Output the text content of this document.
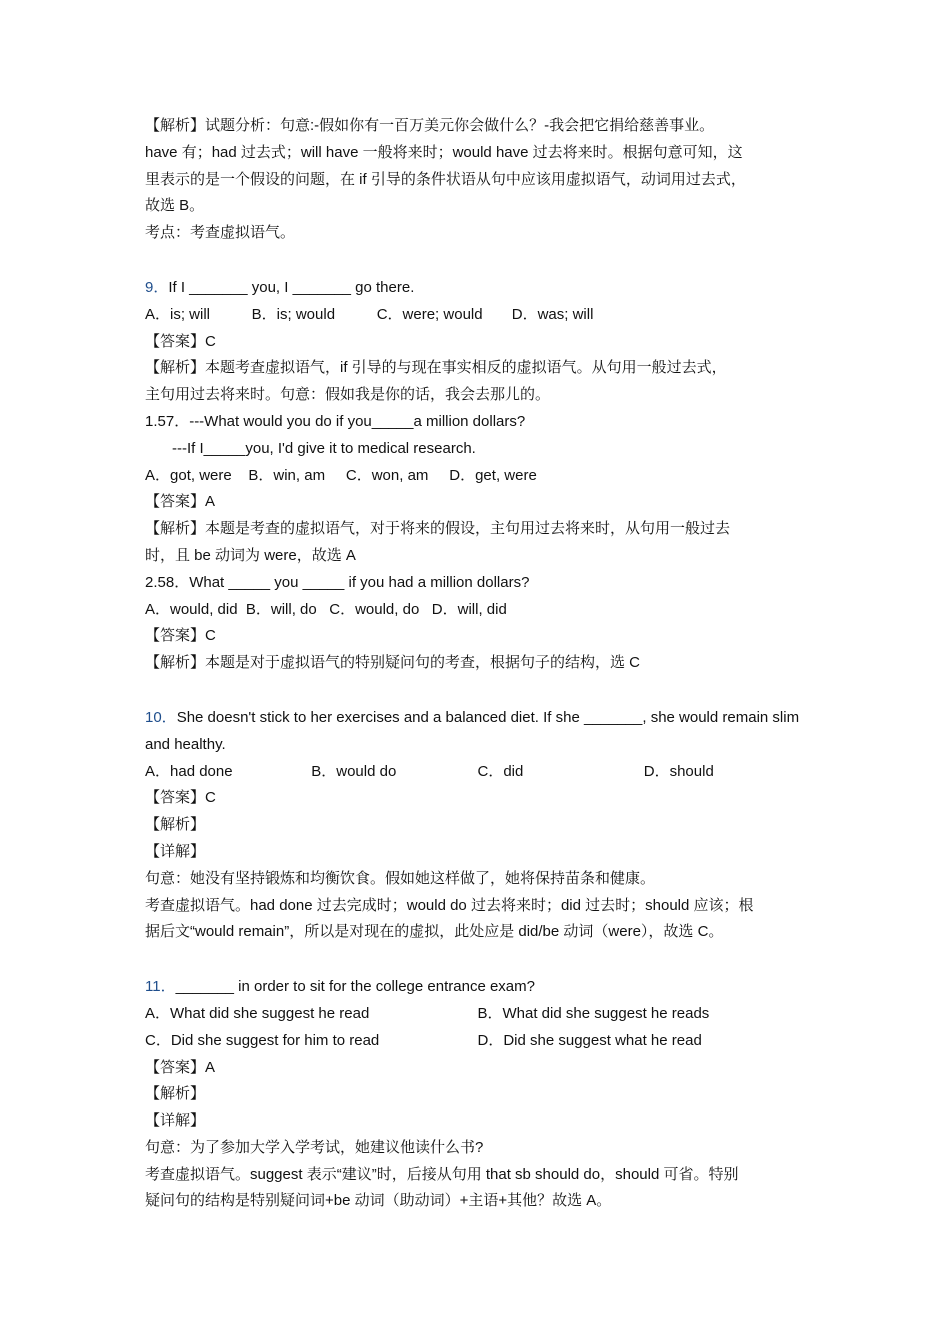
【解析】试题分析：句意:-假如你有一百万美元你会做什么？-我会把它捐给慈善事业。
have 有；had 过去式；will have 一般将来时；would have 过去将来时。根据句意可知，这
里表示的是一个假设的问题，在 if 引导的条件状语从句中应该用虚拟语气，动词用过去式，
故选 B。
考点：考查虚拟语气。
9．If I _______ you, I _______ go there.
A．is; will          B．is; would          C．were; would       D．was; will
【答案】C
【解析】本题考查虚拟语气，if 引导的与现在事实相反的虚拟语气。从句用一般过去式，
主句用过去将来时。句意：假如我是你的话，我会去那儿的。
1.57．---What would you do if you_____a million dollars?
---If I_____you, I'd give it to medical research.
A．got, were    B．win, am     C．won, am     D．get, were
【答案】A
【解析】本题是考查的虚拟语气，对于将来的假设，主句用过去将来时，从句用一般过去
时，且 be 动词为 were，故选 A
2.58．What _____ you _____ if you had a million dollars?
A．would, did  B．will, do   C．would, do   D．will, did
【答案】C
【解析】本题是对于虚拟语气的特别疑问句的考查，根据句子的结构，选 C
10．She doesn't stick to her exercises and a balanced diet. If she _______, she would remain slim
and healthy.
A．had done	B．would do	C．did	D．should
【答案】C
【解析】
【详解】
句意：她没有坚持锻炼和均衡饮食。假如她这样做了，她将保持苗条和健康。
考查虚拟语气。had done 过去完成时；would do 过去将来时；did 过去时；should 应该；根
据后文“would remain”，所以是对现在的虚拟，此处应是 did/be 动词（were），故选 C。
11．_______ in order to sit for the college entrance exam?
A．What did she suggest he read	B．What did she suggest he reads
C．Did she suggest for him to read	D．Did she suggest what he read
【答案】A
【解析】
【详解】
句意：为了参加大学入学考试，她建议他读什么书?
考查虚拟语气。suggest 表示“建议”时，后接从句用 that sb should do，should 可省。特别
疑问句的结构是特别疑问词+be 动词（助动词）+主语+其他？故选 A。
